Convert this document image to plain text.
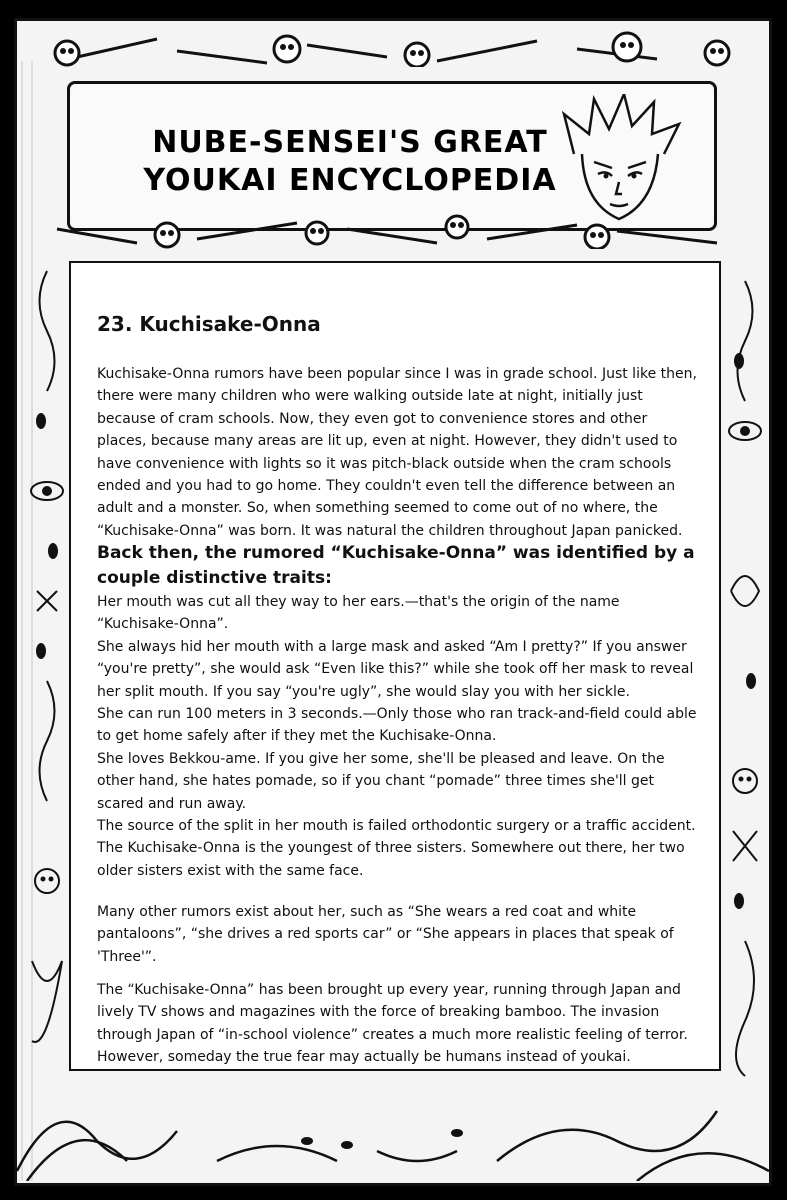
NUBE-SENSEI'S GREAT
YOUKAI ENCYCLOPEDIA
23. Kuchisake-Onna

Kuchisake-Onna rumors have been popular since I was in grade school. Just like then, there were many children who were walking outside late at night, initially just because of cram schools. Now, they even got to convenience stores and other places, because many areas are lit up, even at night. However, they didn't used to have convenience with lights so it was pitch-black outside when the cram schools ended and you had to go home. They couldn't even tell the difference between an adult and a monster. So, when something seemed to come out of no where, the “Kuchisake-Onna” was born. It was natural the children throughout Japan panicked.

Back then, the rumored “Kuchisake-Onna” was identified by a couple distinctive traits:
Her mouth was cut all they way to her ears.—that's the origin of the name “Kuchisake-Onna”.
She always hid her mouth with a large mask and asked “Am I pretty?” If you answer “you're pretty”, she would ask “Even like this?” while she took off her mask to reveal her split mouth. If you say “you're ugly”, she would slay you with her sickle.
She can run 100 meters in 3 seconds.—Only those who ran track-and-field could able to get home safely after if they met the Kuchisake-Onna.
She loves Bekkou-ame. If you give her some, she'll be pleased and leave. On the other hand, she hates pomade, so if you chant “pomade” three times she'll get scared and run away.
The source of the split in her mouth is failed orthodontic surgery or a traffic accident.
The Kuchisake-Onna is the youngest of three sisters. Somewhere out there, her two older sisters exist with the same face.

Many other rumors exist about her, such as “She wears a red coat and white pantaloons”, “she drives a red sports car” or “She appears in places that speak of 'Three'”.

The “Kuchisake-Onna” has been brought up every year, running through Japan and lively TV shows and magazines with the force of breaking bamboo. The invasion through Japan of “in-school violence” creates a much more realistic feeling of terror. However, someday the true fear may actually be humans instead of youkai.
